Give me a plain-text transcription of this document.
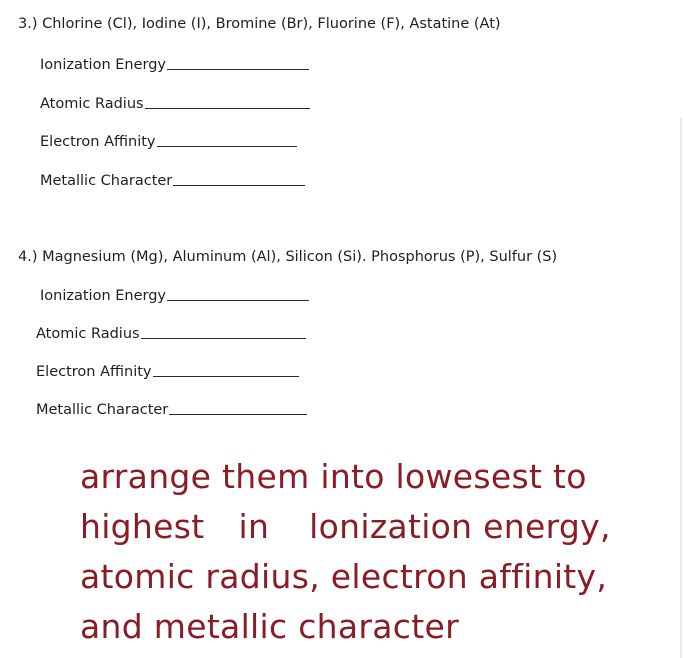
3.) Chlorine (Cl), Iodine (I), Bromine (Br), Fluorine (F), Astatine (At)
Ionization Energy
Atomic Radius
Electron Affinity
Metallic Character
4.) Magnesium (Mg), Aluminum (Al), Silicon (Si). Phosphorus (P), Sulfur (S)
Ionization Energy
Atomic Radius
Electron Affinity
Metallic Character
arrange them into lowesest to
highest in lonization energy,
atomic radius, electron affinity,
and metallic character
